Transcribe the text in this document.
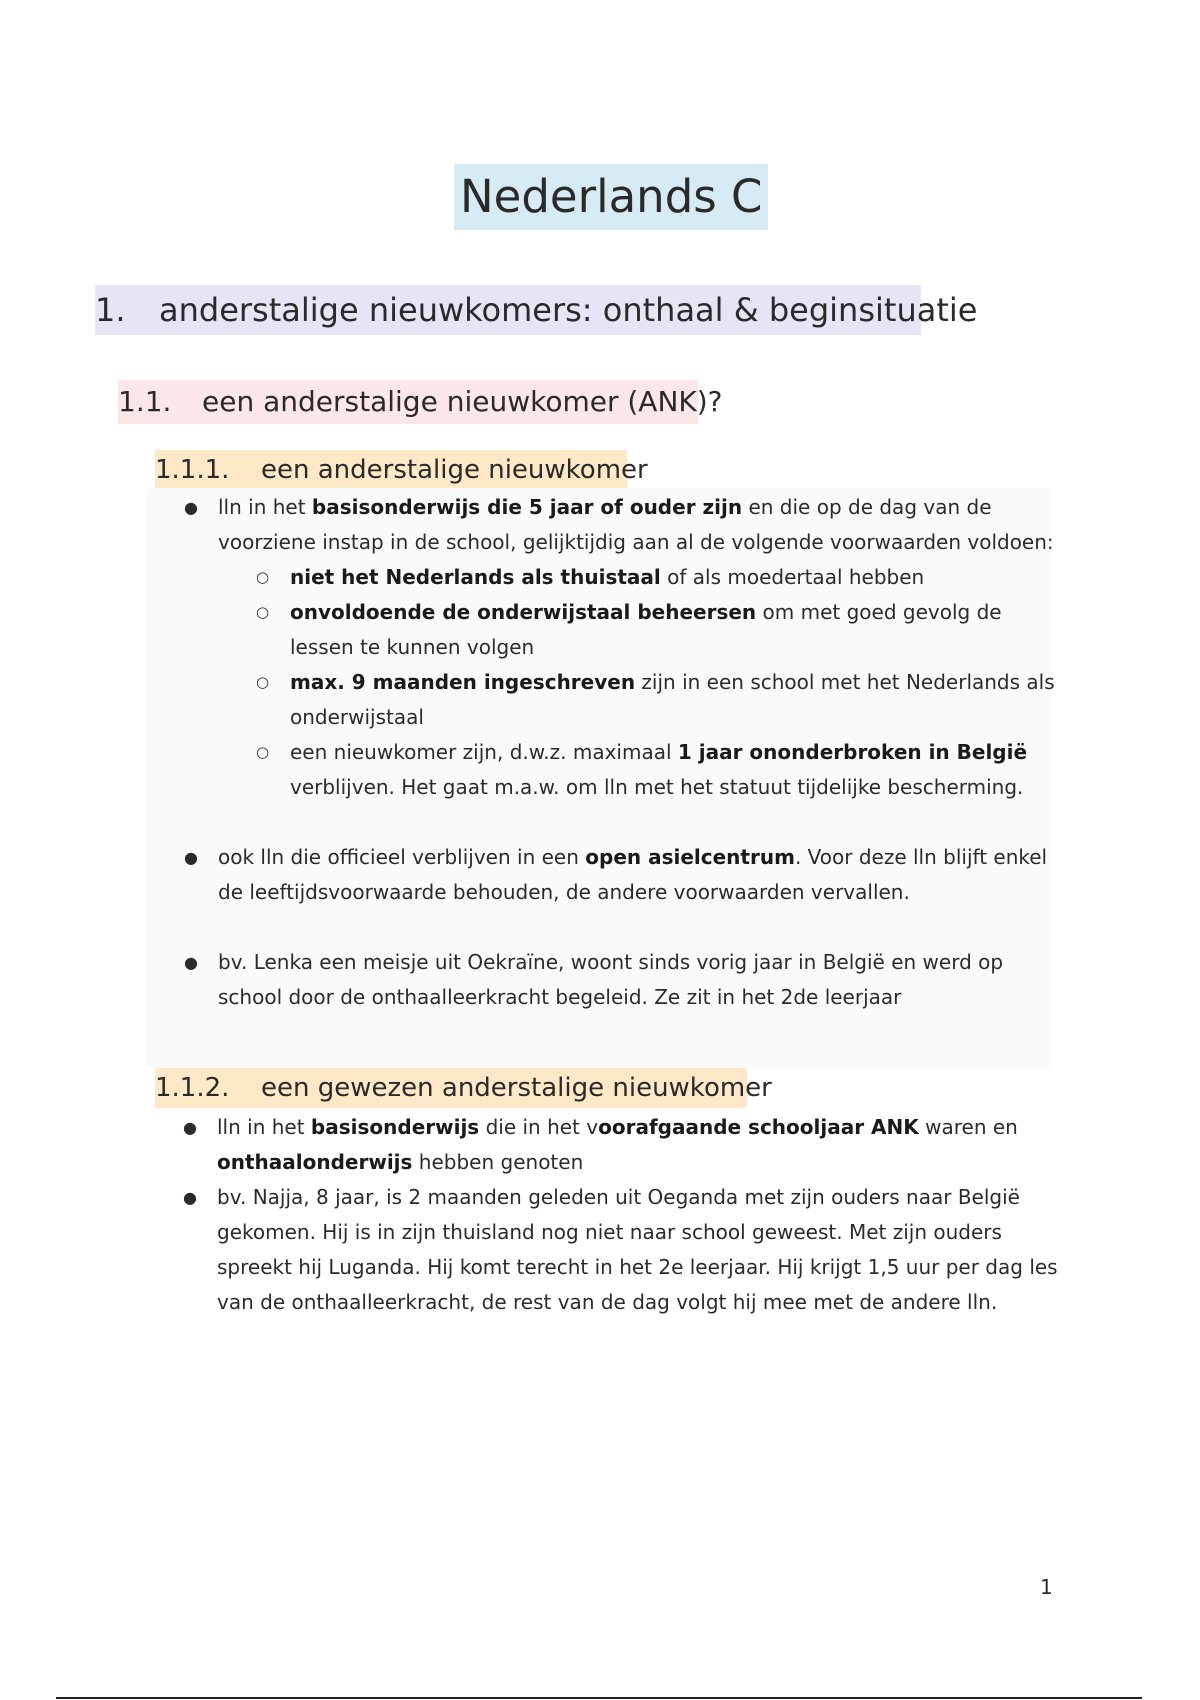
Nederlands C
1. anderstalige nieuwkomers: onthaal & beginsituatie
1.1. een anderstalige nieuwkomer (ANK)?
1.1.1. een anderstalige nieuwkomer
● lln in het basisonderwijs die 5 jaar of ouder zijn en die op de dag van de voorziene instap in de school, gelijktijdig aan al de volgende voorwaarden voldoen:
○ niet het Nederlands als thuistaal of als moedertaal hebben
○ onvoldoende de onderwijstaal beheersen om met goed gevolg de lessen te kunnen volgen
○ max. 9 maanden ingeschreven zijn in een school met het Nederlands als onderwijstaal
○ een nieuwkomer zijn, d.w.z. maximaal 1 jaar ononderbroken in België verblijven. Het gaat m.a.w. om lln met het statuut tijdelijke bescherming.
● ook lln die officieel verblijven in een open asielcentrum. Voor deze lln blijft enkel de leeftijdsvoorwaarde behouden, de andere voorwaarden vervallen.
● bv. Lenka een meisje uit Oekraïne, woont sinds vorig jaar in België en werd op school door de onthaalleerkracht begeleid. Ze zit in het 2de leerjaar
1.1.2. een gewezen anderstalige nieuwkomer
● lln in het basisonderwijs die in het voorafgaande schooljaar ANK waren en onthaalonderwijs hebben genoten
● bv. Najja, 8 jaar, is 2 maanden geleden uit Oeganda met zijn ouders naar België gekomen. Hij is in zijn thuisland nog niet naar school geweest. Met zijn ouders spreekt hij Luganda. Hij komt terecht in het 2e leerjaar. Hij krijgt 1,5 uur per dag les van de onthaalleerkracht, de rest van de dag volgt hij mee met de andere lln.
1
